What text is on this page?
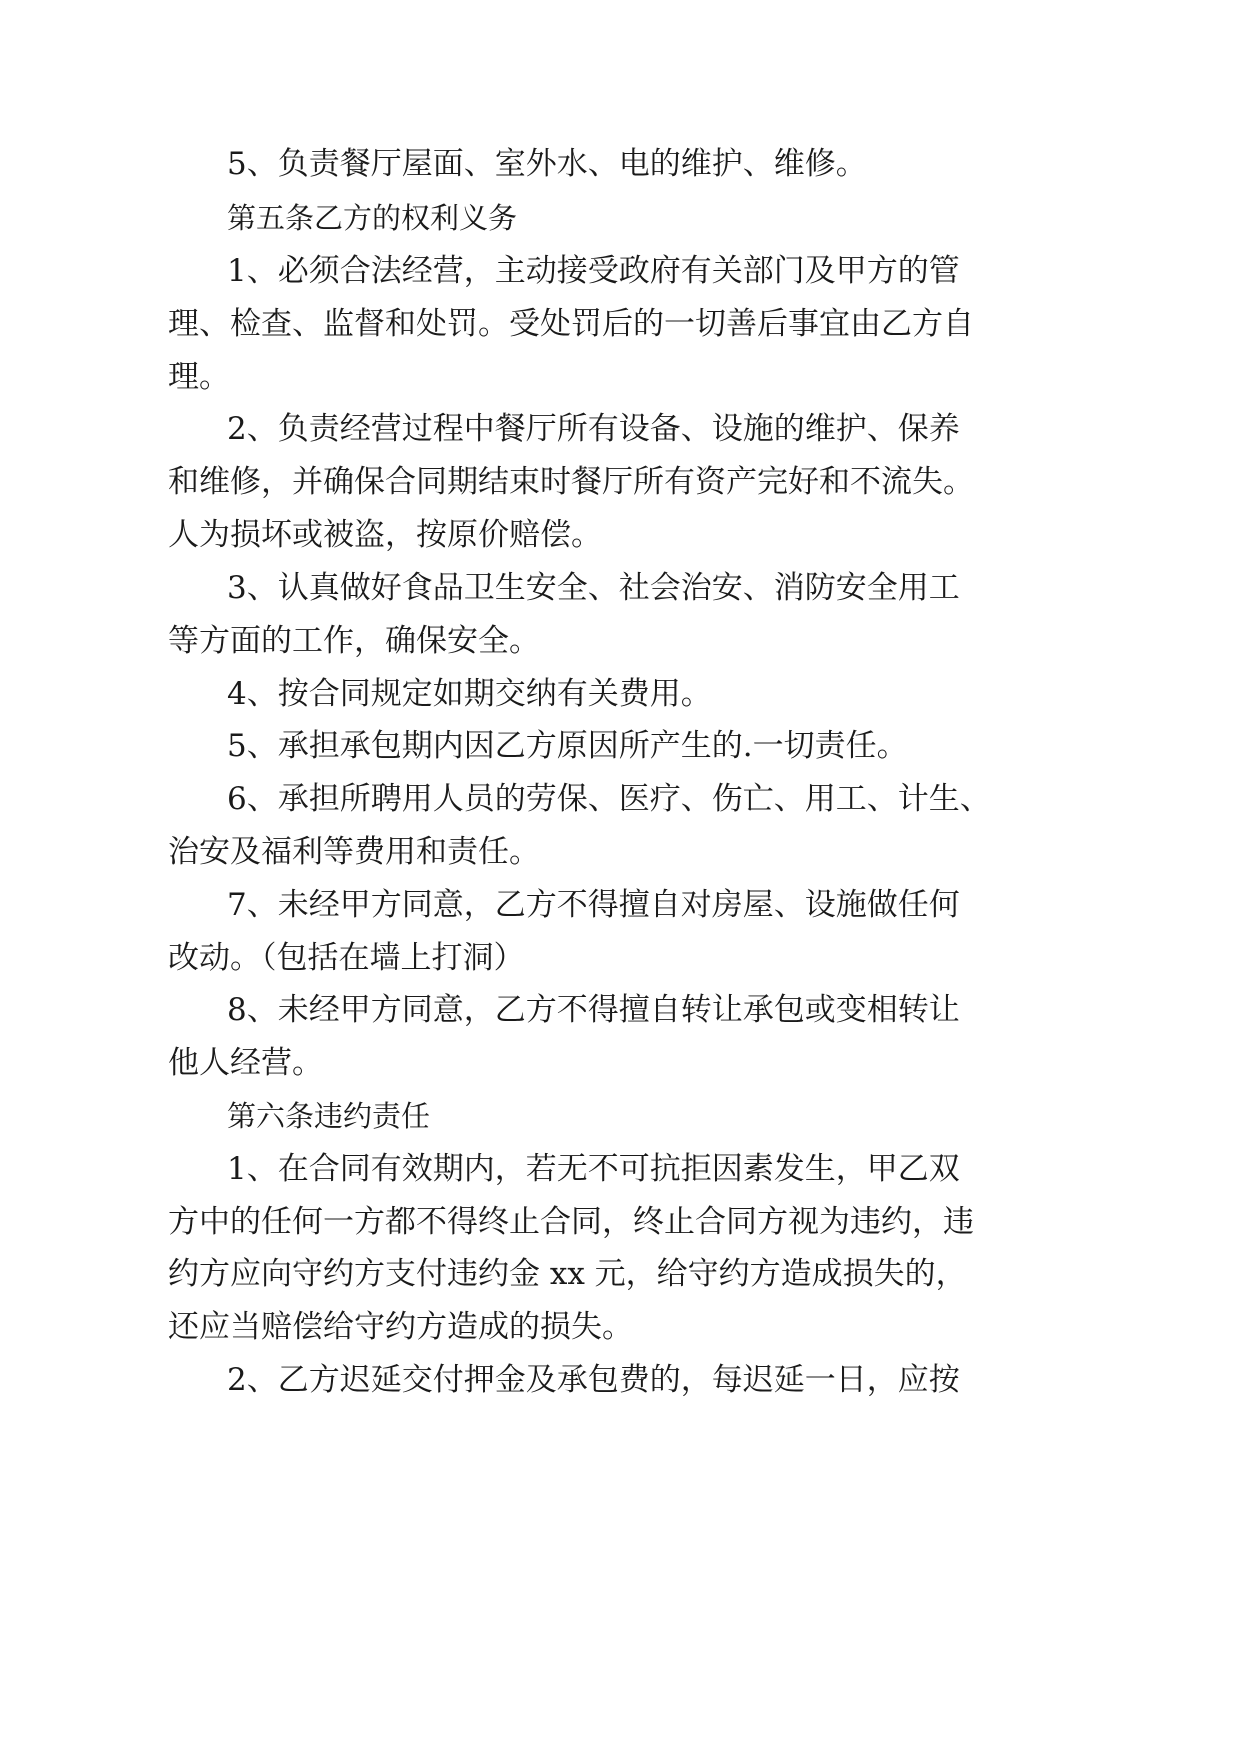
5、负责餐厅屋面、室外水、电的维护、维修。
第五条乙方的权利义务
1、必须合法经营，主动接受政府有关部门及甲方的管
理、检查、监督和处罚。受处罚后的一切善后事宜由乙方自
理。
2、负责经营过程中餐厅所有设备、设施的维护、保养
和维修，并确保合同期结束时餐厅所有资产完好和不流失。
人为损坏或被盗，按原价赔偿。
3、认真做好食品卫生安全、社会治安、消防安全用工
等方面的工作，确保安全。
4、按合同规定如期交纳有关费用。
5、承担承包期内因乙方原因所产生的.一切责任。
6、承担所聘用人员的劳保、医疗、伤亡、用工、计生、
治安及福利等费用和责任。
7、未经甲方同意，乙方不得擅自对房屋、设施做任何
改动。（包括在墙上打洞）
8、未经甲方同意，乙方不得擅自转让承包或变相转让
他人经营。
第六条违约责任
1、在合同有效期内，若无不可抗拒因素发生，甲乙双
方中的任何一方都不得终止合同，终止合同方视为违约，违
约方应向守约方支付违约金 xx 元，给守约方造成损失的，
还应当赔偿给守约方造成的损失。
2、乙方迟延交付押金及承包费的，每迟延一日，应按
